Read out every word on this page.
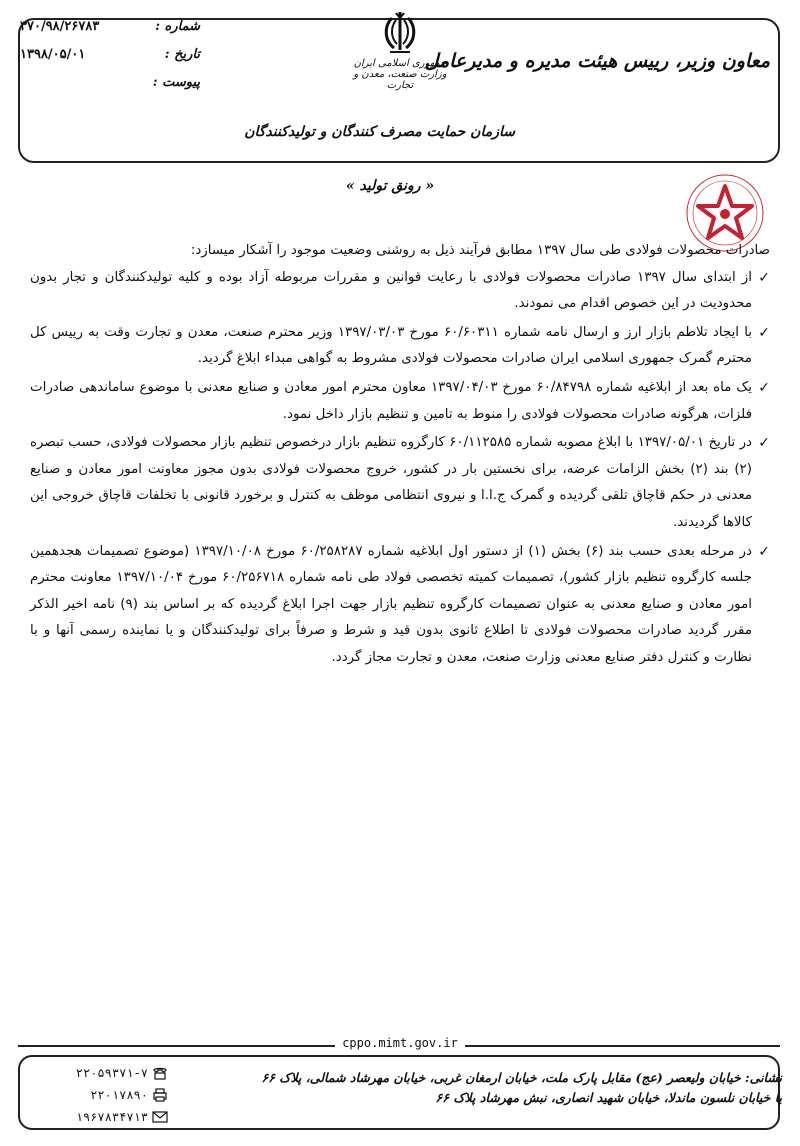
معاون وزیر، رییس هیئت مدیره و مدیرعامل
شماره :
۳۷۰/۹۸/۲۶۷۸۳
تاریخ :
۱۳۹۸/۰۵/۰۱
پیوست :
جمهوری اسلامی ایران
وزارت صنعت، معدن و تجارت
سازمان حمایت مصرف کنندگان و تولیدکنندگان
« رونق تولید »

صادرات محصولات فولادی طی سال ۱۳۹۷ مطابق فرآیند ذیل به روشنی وضعیت موجود را آشکار میسازد:

✓
از ابتدای سال ۱۳۹۷ صادرات محصولات فولادی با رعایت قوانین و مقررات مربوطه آزاد بوده و کلیه تولیدکنندگان و تجار بدون محدودیت در این خصوص اقدام می نمودند.
✓
با ایجاد تلاطم بازار ارز و ارسال نامه شماره ۶۰/۶۰۳۱۱ مورخ ۱۳۹۷/۰۳/۰۳ وزیر محترم صنعت، معدن و تجارت وقت به رییس کل محترم گمرک جمهوری اسلامی ایران صادرات محصولات فولادی مشروط به گواهی مبداء ابلاغ گردید.
✓
یک ماه بعد از ابلاغیه شماره ۶۰/۸۴۷۹۸ مورخ ۱۳۹۷/۰۴/۰۳ معاون محترم امور معادن و صنایع معدنی با موضوع ساماندهی صادرات فلزات، هرگونه صادرات محصولات فولادی را منوط به تامین و تنظیم بازار داخل نمود.
✓
در تاریخ ۱۳۹۷/۰۵/۰۱ با ابلاغ مصوبه شماره ۶۰/۱۱۲۵۸۵ کارگروه تنظیم بازار درخصوص تنظیم بازار محصولات فولادی، حسب تبصره (۲) بند (۲) بخش الزامات عرضه، برای نخستین بار در کشور، خروج محصولات فولادی بدون مجوز معاونت امور معادن و صنایع معدنی در حکم قاچاق تلقی گردیده و گمرک ج.ا.ا و نیروی انتظامی موظف به کنترل و برخورد قانونی با تخلفات قاچاق خروجی این کالاها گردیدند.
✓
در مرحله بعدی حسب بند (۶) بخش (۱) از دستور اول ابلاغیه شماره ۶۰/۲۵۸۲۸۷ مورخ ۱۳۹۷/۱۰/۰۸ (موضوع تصمیمات هجدهمین جلسه کارگروه تنظیم بازار کشور)، تصمیمات کمیته تخصصی فولاد طی نامه شماره ۶۰/۲۵۶۷۱۸ مورخ ۱۳۹۷/۱۰/۰۴ معاونت محترم امور معادن و صنایع معدنی به عنوان تصمیمات کارگروه تنظیم بازار جهت اجرا ابلاغ گردیده که بر اساس بند (۹) نامه اخیر الذکر مقرر گردید صادرات محصولات فولادی تا اطلاع ثانوی بدون قید و شرط و صرفاً برای تولیدکنندگان و یا نماینده رسمی آنها و با نظارت و کنترل دفتر صنایع معدنی وزارت صنعت، معدن و تجارت مجاز گردد.
cppo.mimt.gov.ir
نشانی: خیابان ولیعصر (عج) مقابل پارک ملت، خیابان ارمغان غربی، خیابان مهرشاد شمالی، پلاک ۶۶
یا خیابان نلسون ماندلا، خیابان شهید انصاری، نبش مهرشاد پلاک ۶۶
۲۲۰۵۹۳۷۱-۷
۲۲۰۱۷۸۹۰
۱۹۶۷۸۳۴۷۱۳
